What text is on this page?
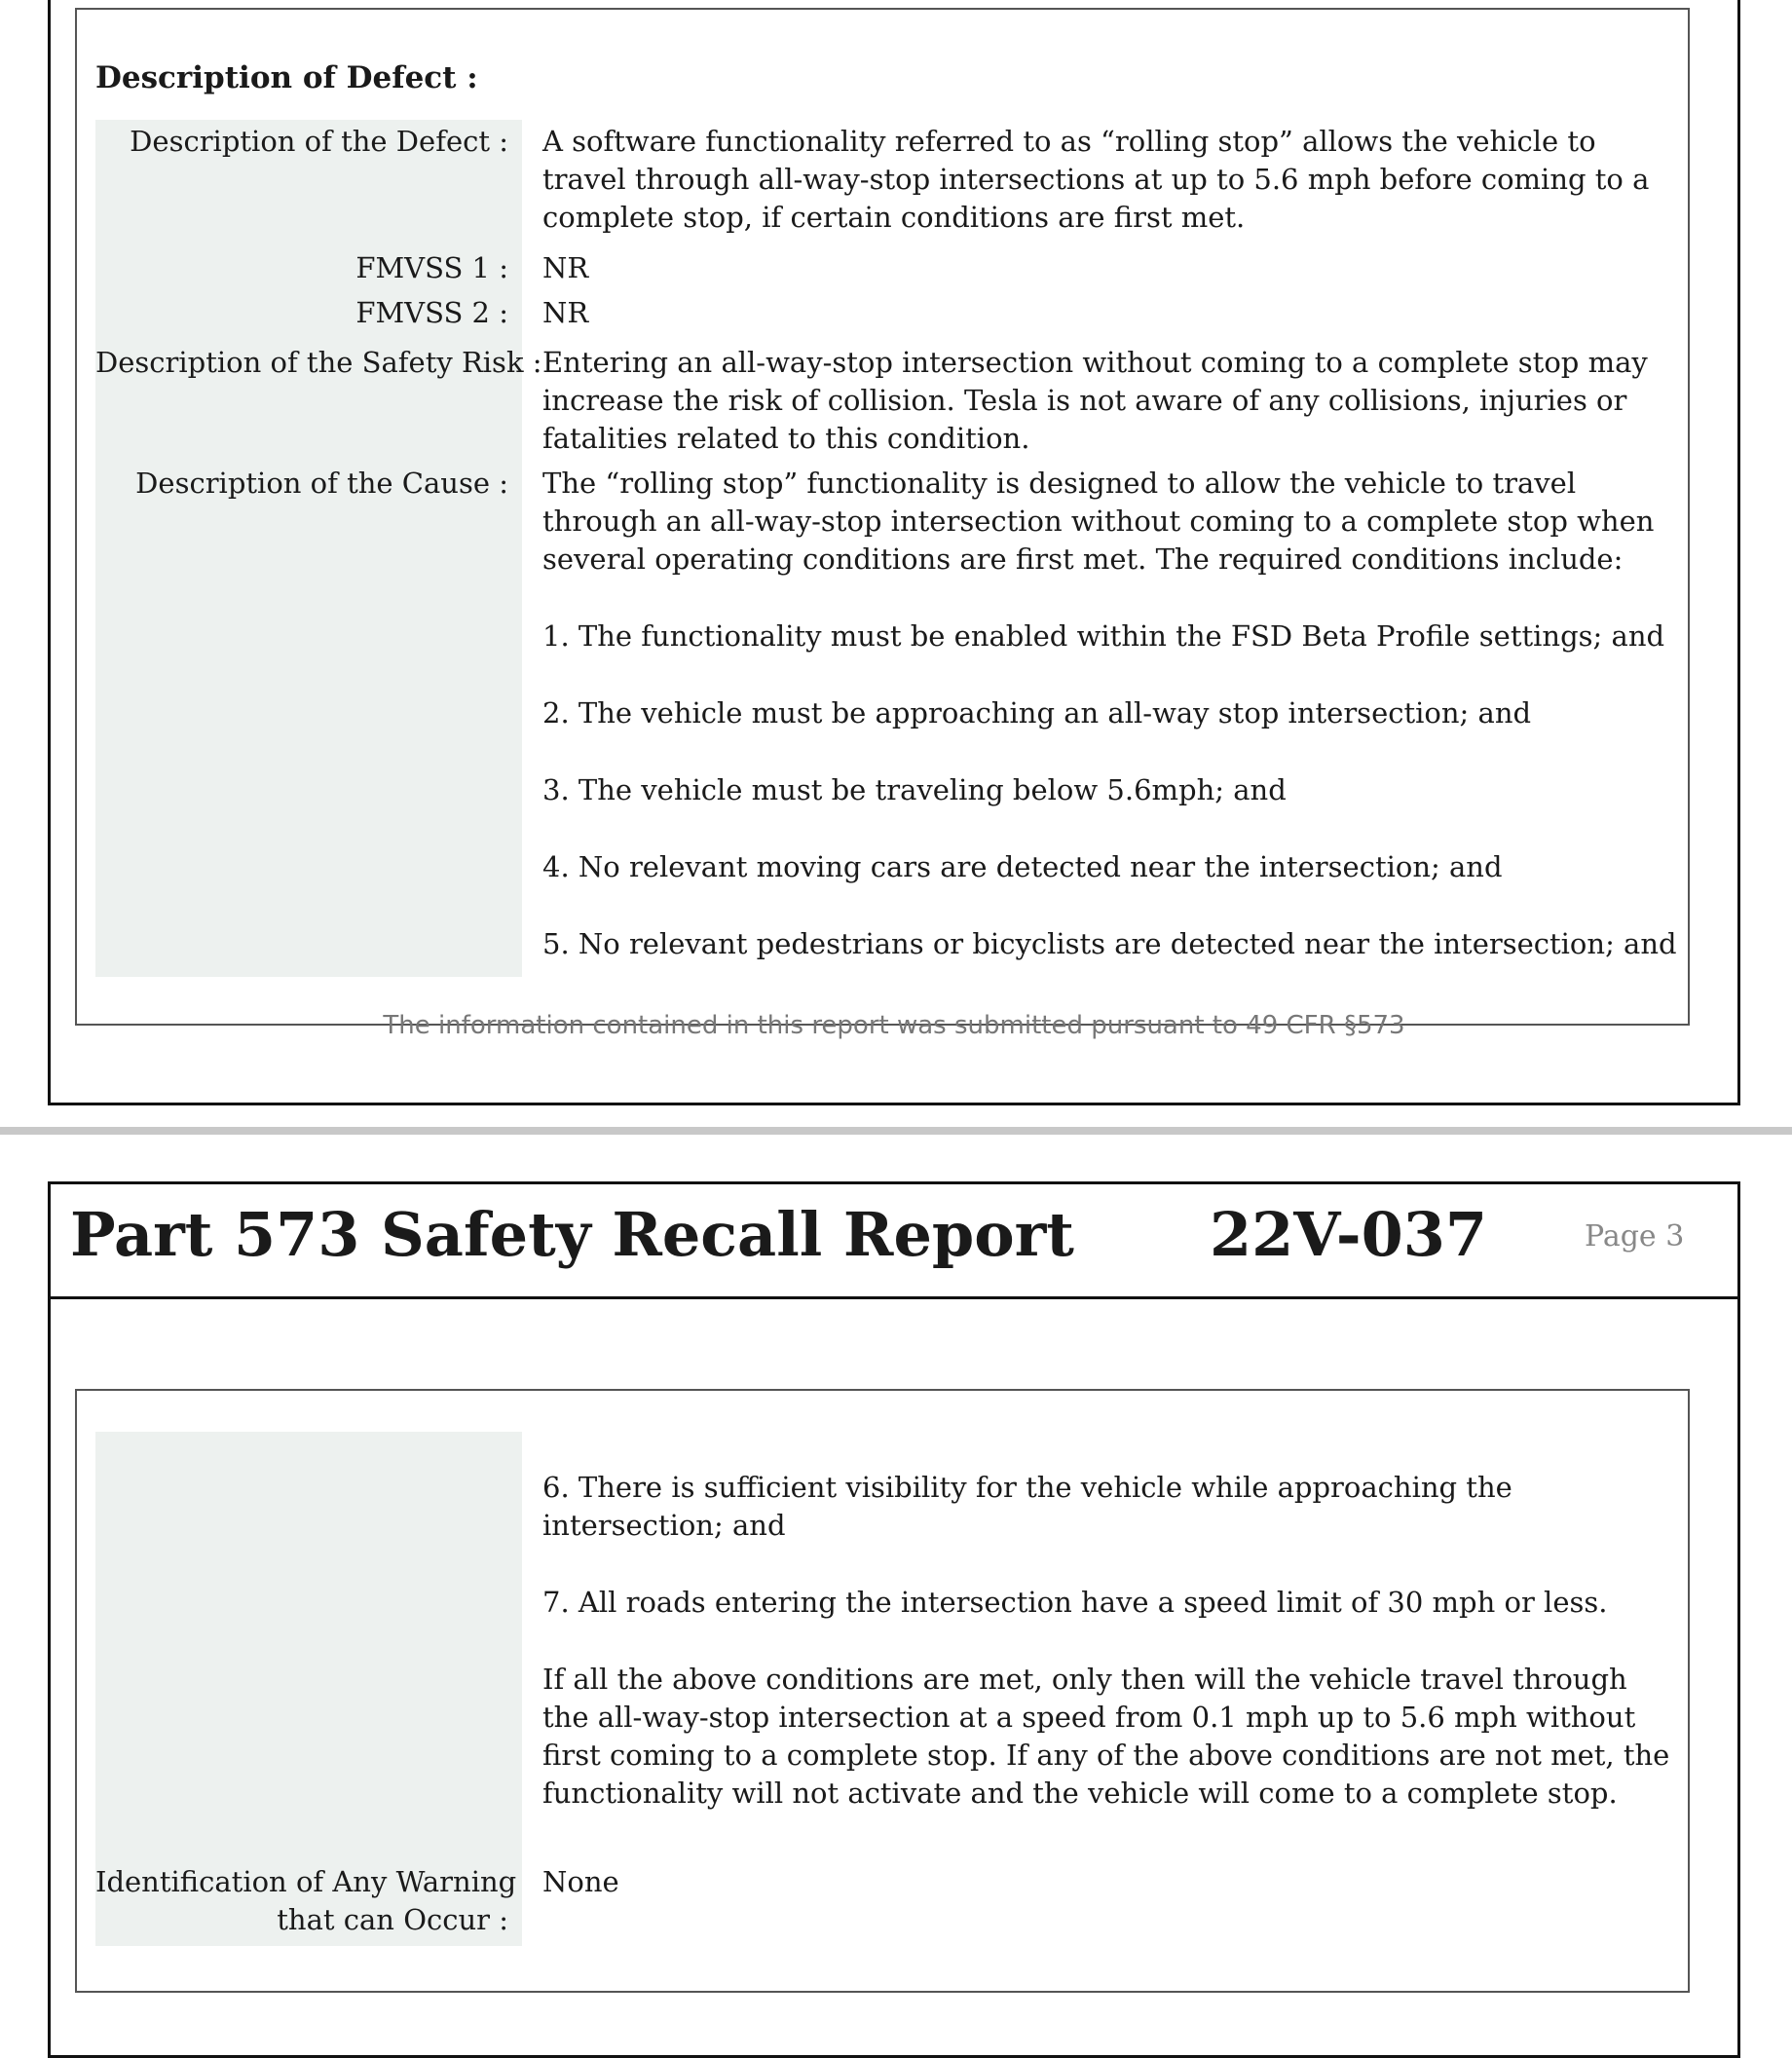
Description of Defect :
Description of the Defect : A software functionality referred to as “rolling stop” allows the vehicle to travel through all-way-stop intersections at up to 5.6 mph before coming to a complete stop, if certain conditions are first met.

FMVSS 1 : NR

FMVSS 2 : NR

Description of the Safety Risk : Entering an all-way-stop intersection without coming to a complete stop may increase the risk of collision. Tesla is not aware of any collisions, injuries or fatalities related to this condition.

Description of the Cause : The “rolling stop” functionality is designed to allow the vehicle to travel through an all-way-stop intersection without coming to a complete stop when several operating conditions are first met. The required conditions include:

1. The functionality must be enabled within the FSD Beta Profile settings; and

2. The vehicle must be approaching an all-way stop intersection; and

3. The vehicle must be traveling below 5.6mph; and

4. No relevant moving cars are detected near the intersection; and

5. No relevant pedestrians or bicyclists are detected near the intersection; and

The information contained in this report was submitted pursuant to 49 CFR §573
Part 573 Safety Recall Report 22V-037	Page 3

6. There is sufficient visibility for the vehicle while approaching the intersection; and

7. All roads entering the intersection have a speed limit of 30 mph or less.

If all the above conditions are met, only then will the vehicle travel through the all-way-stop intersection at a speed from 0.1 mph up to 5.6 mph without first coming to a complete stop. If any of the above conditions are not met, the functionality will not activate and the vehicle will come to a complete stop.

Identification of Any Warning
that can Occur :

None
